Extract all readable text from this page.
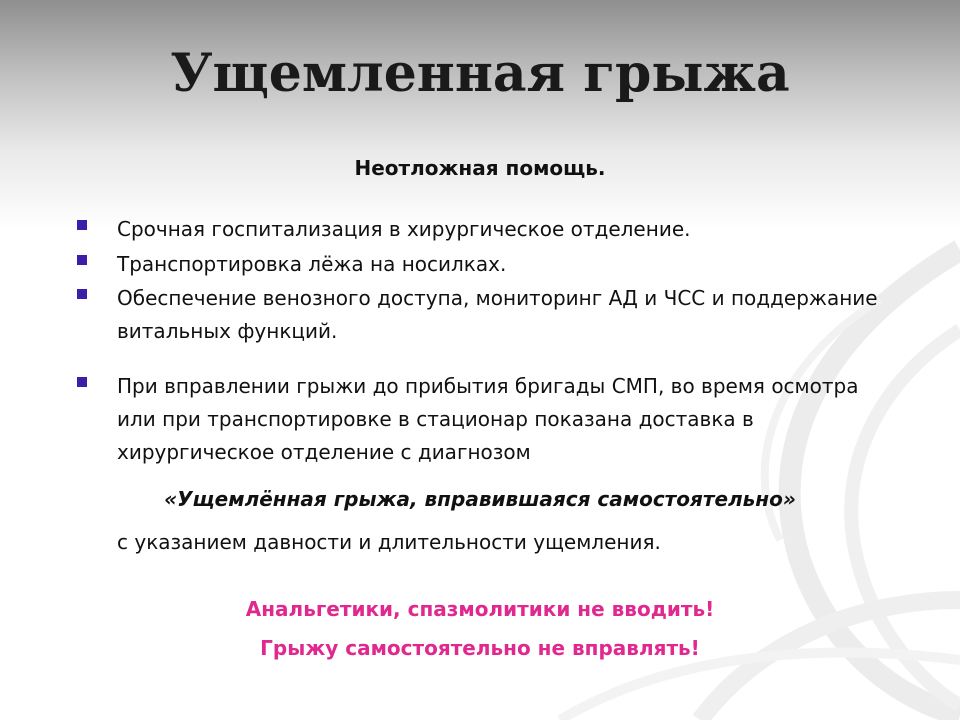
Ущемленная грыжа
Неотложная помощь.
Срочная госпитализация в хирургическое отделение.
Транспортировка лёжа на носилках.
Обеспечение венозного доступа, мониторинг АД и ЧСС и поддержание витальных функций.
При вправлении грыжи до прибытия бригады СМП, во время осмотра или при транспортировке в стационар показана доставка в хирургическое отделение с диагнозом
«Ущемлённая грыжа, вправившаяся самостоятельно»
с указанием давности и длительности ущемления.
Анальгетики, спазмолитики не вводить!
Грыжу самостоятельно не вправлять!
